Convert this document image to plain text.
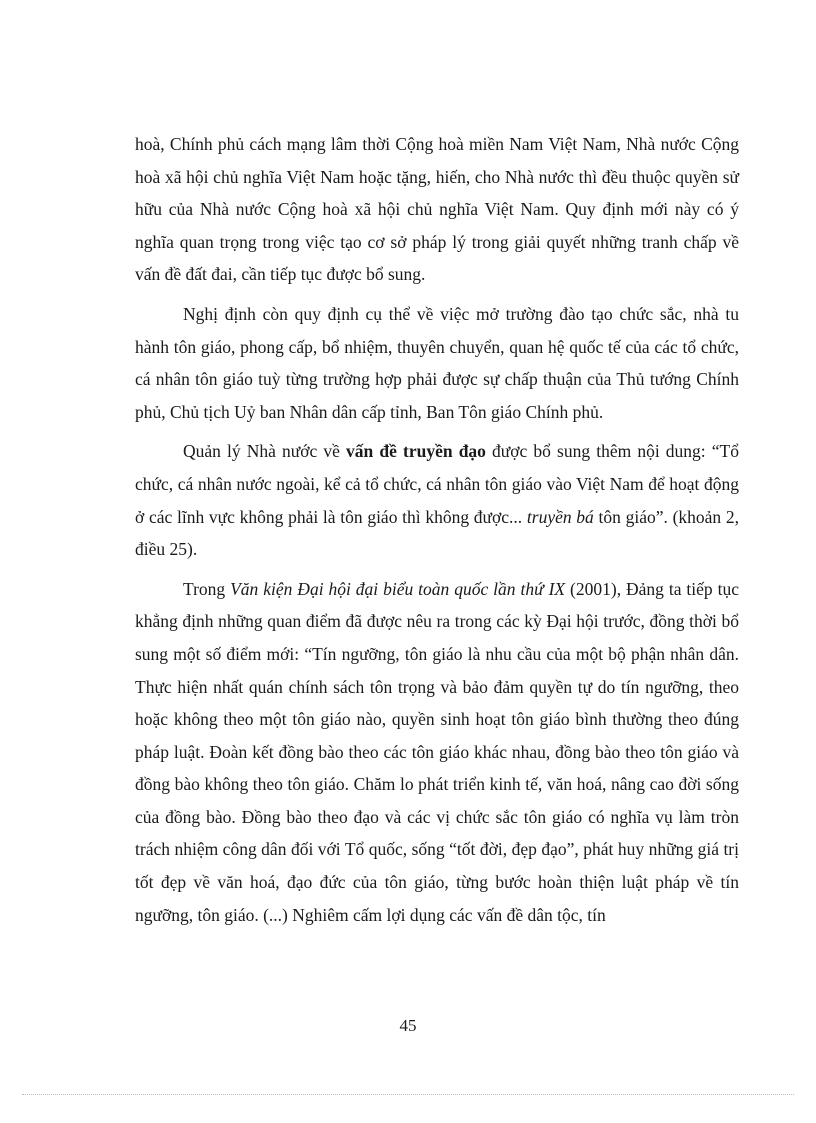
hoà, Chính phủ cách mạng lâm thời Cộng hoà miền Nam Việt Nam, Nhà nước Cộng hoà xã hội chủ nghĩa Việt Nam hoặc tặng, hiến, cho Nhà nước thì đều thuộc quyền sử hữu của Nhà nước Cộng hoà xã hội chủ nghĩa Việt Nam. Quy định mới này có ý nghĩa quan trọng trong việc tạo cơ sở pháp lý trong giải quyết những tranh chấp về vấn đề đất đai, cần tiếp tục được bổ sung.

Nghị định còn quy định cụ thể về việc mở trường đào tạo chức sắc, nhà tu hành tôn giáo, phong cấp, bổ nhiệm, thuyên chuyển, quan hệ quốc tế của các tổ chức, cá nhân tôn giáo tuỳ từng trường hợp phải được sự chấp thuận của Thủ tướng Chính phủ, Chủ tịch Uỷ ban Nhân dân cấp tỉnh, Ban Tôn giáo Chính phủ.

Quản lý Nhà nước về vấn đề truyền đạo được bổ sung thêm nội dung: “Tổ chức, cá nhân nước ngoài, kể cả tổ chức, cá nhân tôn giáo vào Việt Nam để hoạt động ở các lĩnh vực không phải là tôn giáo thì không được... truyền bá tôn giáo”. (khoản 2, điều 25).

Trong Văn kiện Đại hội đại biểu toàn quốc lần thứ IX (2001), Đảng ta tiếp tục khẳng định những quan điểm đã được nêu ra trong các kỳ Đại hội trước, đồng thời bổ sung một số điểm mới: “Tín ngưỡng, tôn giáo là nhu cầu của một bộ phận nhân dân. Thực hiện nhất quán chính sách tôn trọng và bảo đảm quyền tự do tín ngưỡng, theo hoặc không theo một tôn giáo nào, quyền sinh hoạt tôn giáo bình thường theo đúng pháp luật. Đoàn kết đồng bào theo các tôn giáo khác nhau, đồng bào theo tôn giáo và đồng bào không theo tôn giáo. Chăm lo phát triển kinh tế, văn hoá, nâng cao đời sống của đồng bào. Đồng bào theo đạo và các vị chức sắc tôn giáo có nghĩa vụ làm tròn trách nhiệm công dân đối với Tổ quốc, sống “tốt đời, đẹp đạo”, phát huy những giá trị tốt đẹp về văn hoá, đạo đức của tôn giáo, từng bước hoàn thiện luật pháp về tín ngưỡng, tôn giáo. (...) Nghiêm cấm lợi dụng các vấn đề dân tộc, tín

45
